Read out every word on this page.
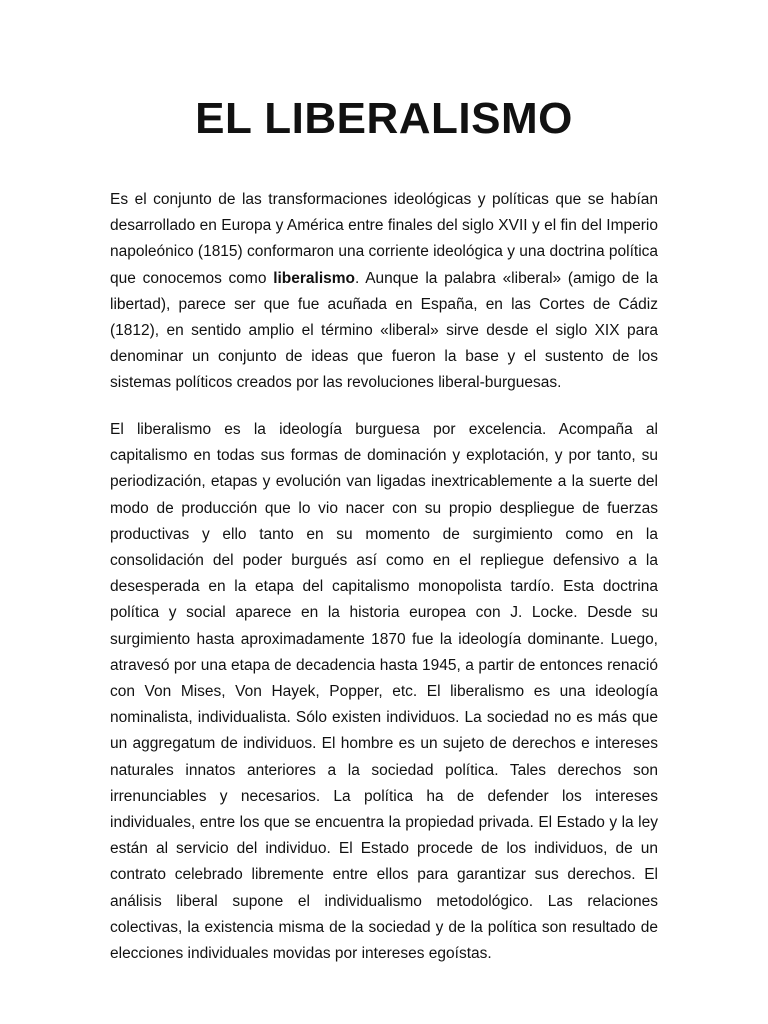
EL LIBERALISMO

Es el conjunto de las transformaciones ideológicas y políticas que se habían desarrollado en Europa y América entre finales del siglo XVII y el fin del Imperio napoleónico (1815) conformaron una corriente ideológica y una doctrina política que conocemos como liberalismo. Aunque la palabra «liberal» (amigo de la libertad), parece ser que fue acuñada en España, en las Cortes de Cádiz (1812), en sentido amplio el término «liberal» sirve desde el siglo XIX para denominar un conjunto de ideas que fueron la base y el sustento de los sistemas políticos creados por las revoluciones liberal-burguesas.

El liberalismo es la ideología burguesa por excelencia. Acompaña al capitalismo en todas sus formas de dominación y explotación, y por tanto, su periodización, etapas y evolución van ligadas inextricablemente a la suerte del modo de producción que lo vio nacer con su propio despliegue de fuerzas productivas y ello tanto en su momento de surgimiento como en la consolidación del poder burgués así como en el repliegue defensivo a la desesperada en la etapa del capitalismo monopolista tardío. Esta doctrina política y social aparece en la historia europea con J. Locke. Desde su surgimiento hasta aproximadamente 1870 fue la ideología dominante. Luego, atravesó por una etapa de decadencia hasta 1945, a partir de entonces renació con Von Mises, Von Hayek, Popper, etc. El liberalismo es una ideología nominalista, individualista. Sólo existen individuos. La sociedad no es más que un aggregatum de individuos. El hombre es un sujeto de derechos e intereses naturales innatos anteriores a la sociedad política. Tales derechos son irrenunciables y necesarios. La política ha de defender los intereses individuales, entre los que se encuentra la propiedad privada. El Estado y la ley están al servicio del individuo. El Estado procede de los individuos, de un contrato celebrado libremente entre ellos para garantizar sus derechos. El análisis liberal supone el individualismo metodológico. Las relaciones colectivas, la existencia misma de la sociedad y de la política son resultado de elecciones individuales movidas por intereses egoístas.
